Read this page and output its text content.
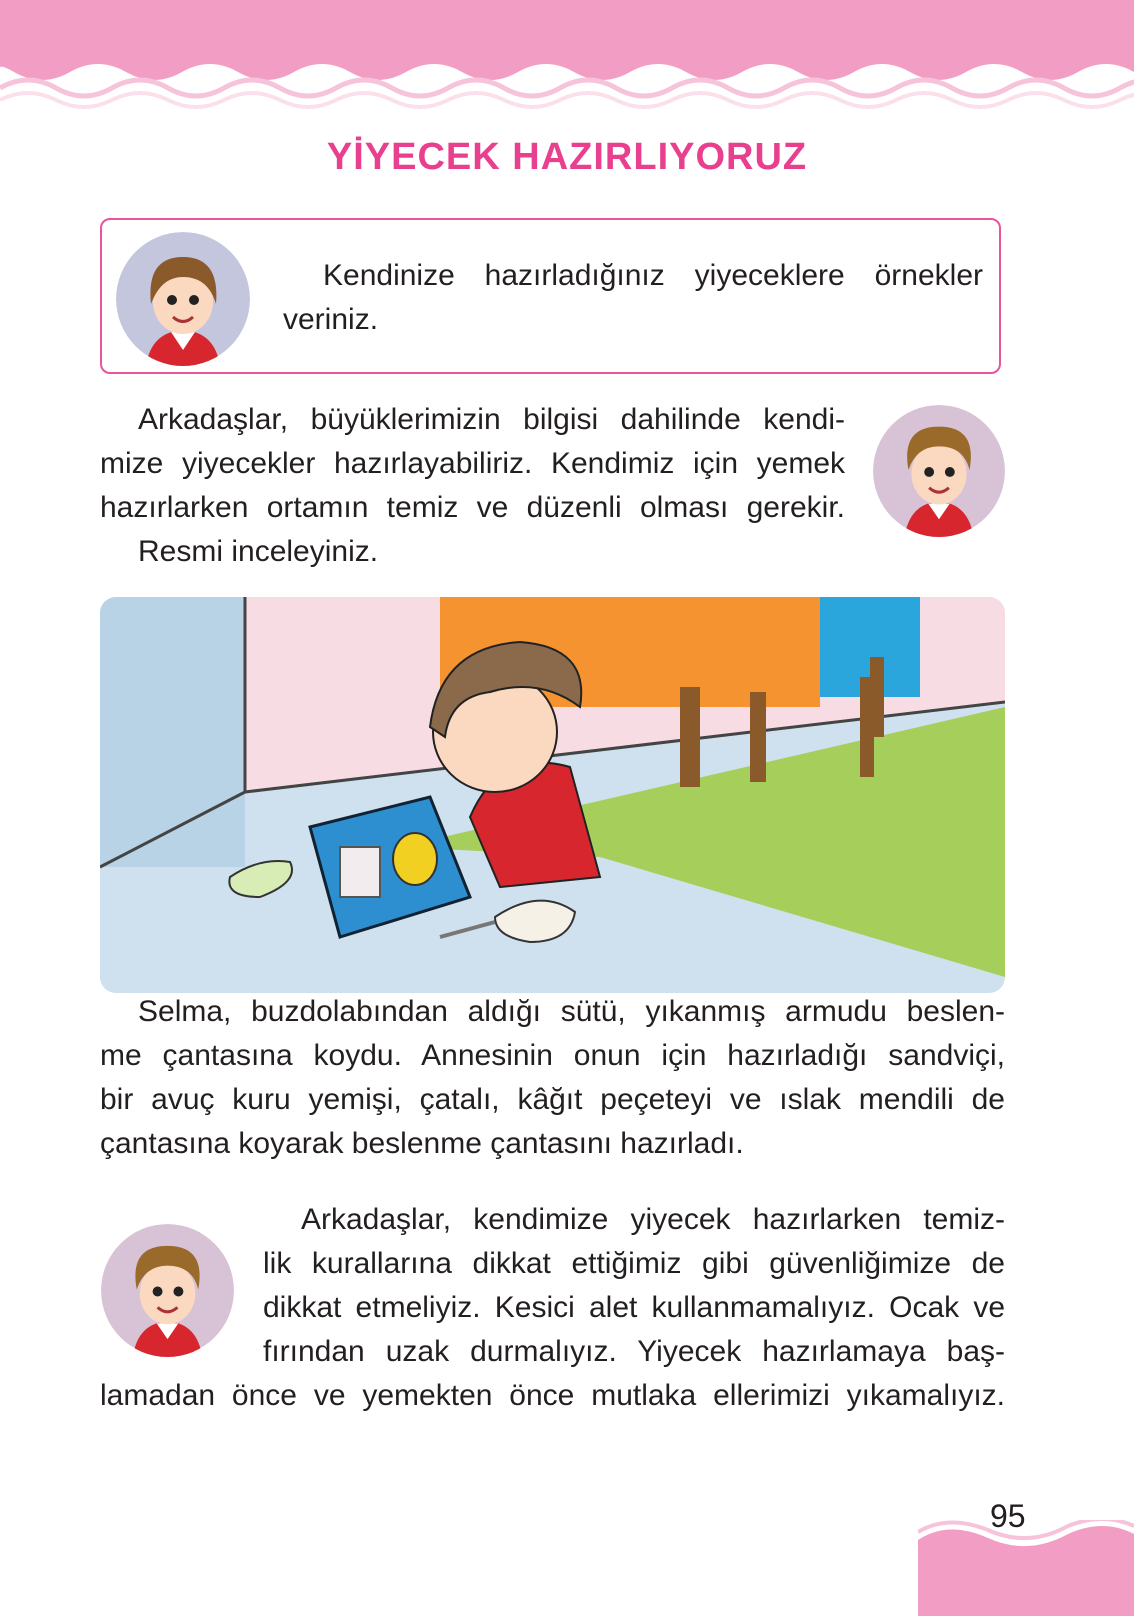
YİYECEK HAZIRLIYORUZ
Kendinize hazırladığınız yiyeceklere örnekler
veriniz.
Arkadaşlar, büyüklerimizin bilgisi dahilinde kendi-
mize yiyecekler hazırlayabiliriz. Kendimiz için yemek
hazırlarken ortamın temiz ve düzenli olması gerekir.
Resmi inceleyiniz.
Selma, buzdolabından aldığı sütü, yıkanmış armudu beslen-
me çantasına koydu. Annesinin onun için hazırladığı sandviçi,
bir avuç kuru yemişi, çatalı, kâğıt peçeteyi ve ıslak mendili de
çantasına koyarak beslenme çantasını hazırladı.
Arkadaşlar, kendimize yiyecek hazırlarken temiz-
lik kurallarına dikkat ettiğimiz gibi güvenliğimize de
dikkat etmeliyiz. Kesici alet kullanmamalıyız. Ocak ve
fırından uzak durmalıyız. Yiyecek hazırlamaya baş-
lamadan önce ve yemekten önce mutlaka ellerimizi yıkamalıyız.
95
